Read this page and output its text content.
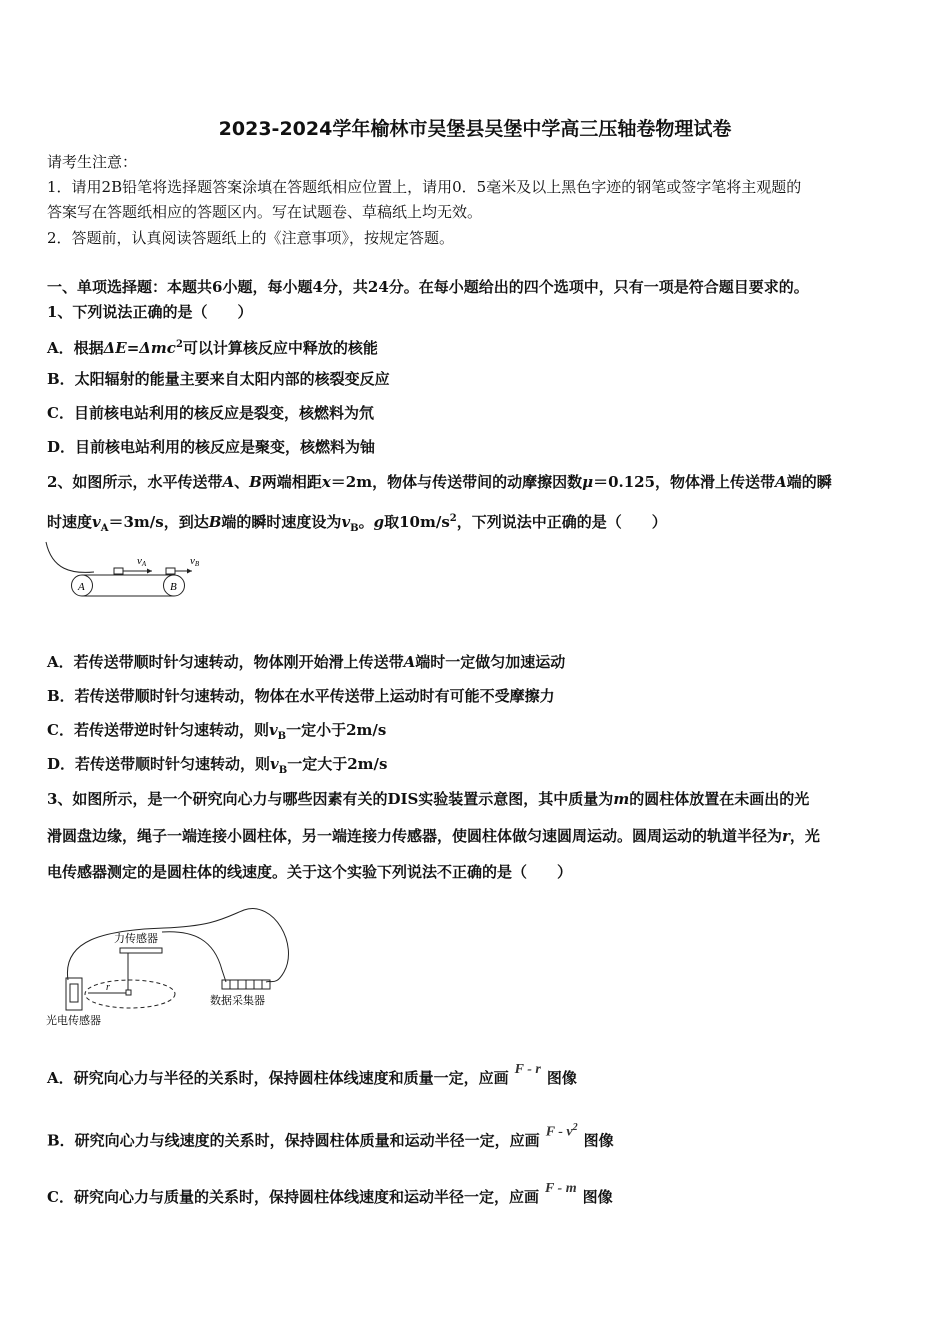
2023-2024学年榆林市吴堡县吴堡中学高三压轴卷物理试卷
请考生注意：
1．请用2B铅笔将选择题答案涂填在答题纸相应位置上，请用0．5毫米及以上黑色字迹的钢笔或签字笔将主观题的
答案写在答题纸相应的答题区内。写在试题卷、草稿纸上均无效。
2．答题前，认真阅读答题纸上的《注意事项》，按规定答题。
一、单项选择题：本题共6小题，每小题4分，共24分。在每小题给出的四个选项中，只有一项是符合题目要求的。
1、下列说法正确的是（　　）
A．根据ΔE=Δmc$^2$可以计算核反应中释放的核能
B．太阳辐射的能量主要来自太阳内部的核裂变反应
C．目前核电站利用的核反应是裂变，核燃料为氘
D．目前核电站利用的核反应是聚变，核燃料为铀
2、如图所示，水平传送带A、B两端相距x＝2m，物体与传送带间的动摩擦因数μ＝0.125，物体滑上传送带A端的瞬
时速度$v_A=3m/s$，到达B端的瞬时速度设为$v_B$。g取$10m/s^2$，下列说法中正确的是（　　）
vA	vB
A	B
A．若传送带顺时针匀速转动，物体刚开始滑上传送带A端时一定做匀加速运动
B．若传送带顺时针匀速转动，物体在水平传送带上运动时有可能不受摩擦力
C．若传送带逆时针匀速转动，则$v_B$一定小于2m/s
D．若传送带顺时针匀速转动，则$v_B$一定大于2m/s
3、如图所示，是一个研究向心力与哪些因素有关的DIS实验装置示意图，其中质量为m的圆柱体放置在未画出的光
滑圆盘边缘，绳子一端连接小圆柱体，另一端连接力传感器，使圆柱体做匀速圆周运动。圆周运动的轨道半径为r，光
电传感器测定的是圆柱体的线速度。关于这个实验下列说法不正确的是（　　）
力传感器
r
数据采集器
光电传感器
A．研究向心力与半径的关系时，保持圆柱体线速度和质量一定，应画 F - r 图像
B．研究向心力与线速度的关系时，保持圆柱体质量和运动半径一定，应画 F - $v^2$图像
C．研究向心力与质量的关系时，保持圆柱体线速度和运动半径一定，应画 F - m 图像
